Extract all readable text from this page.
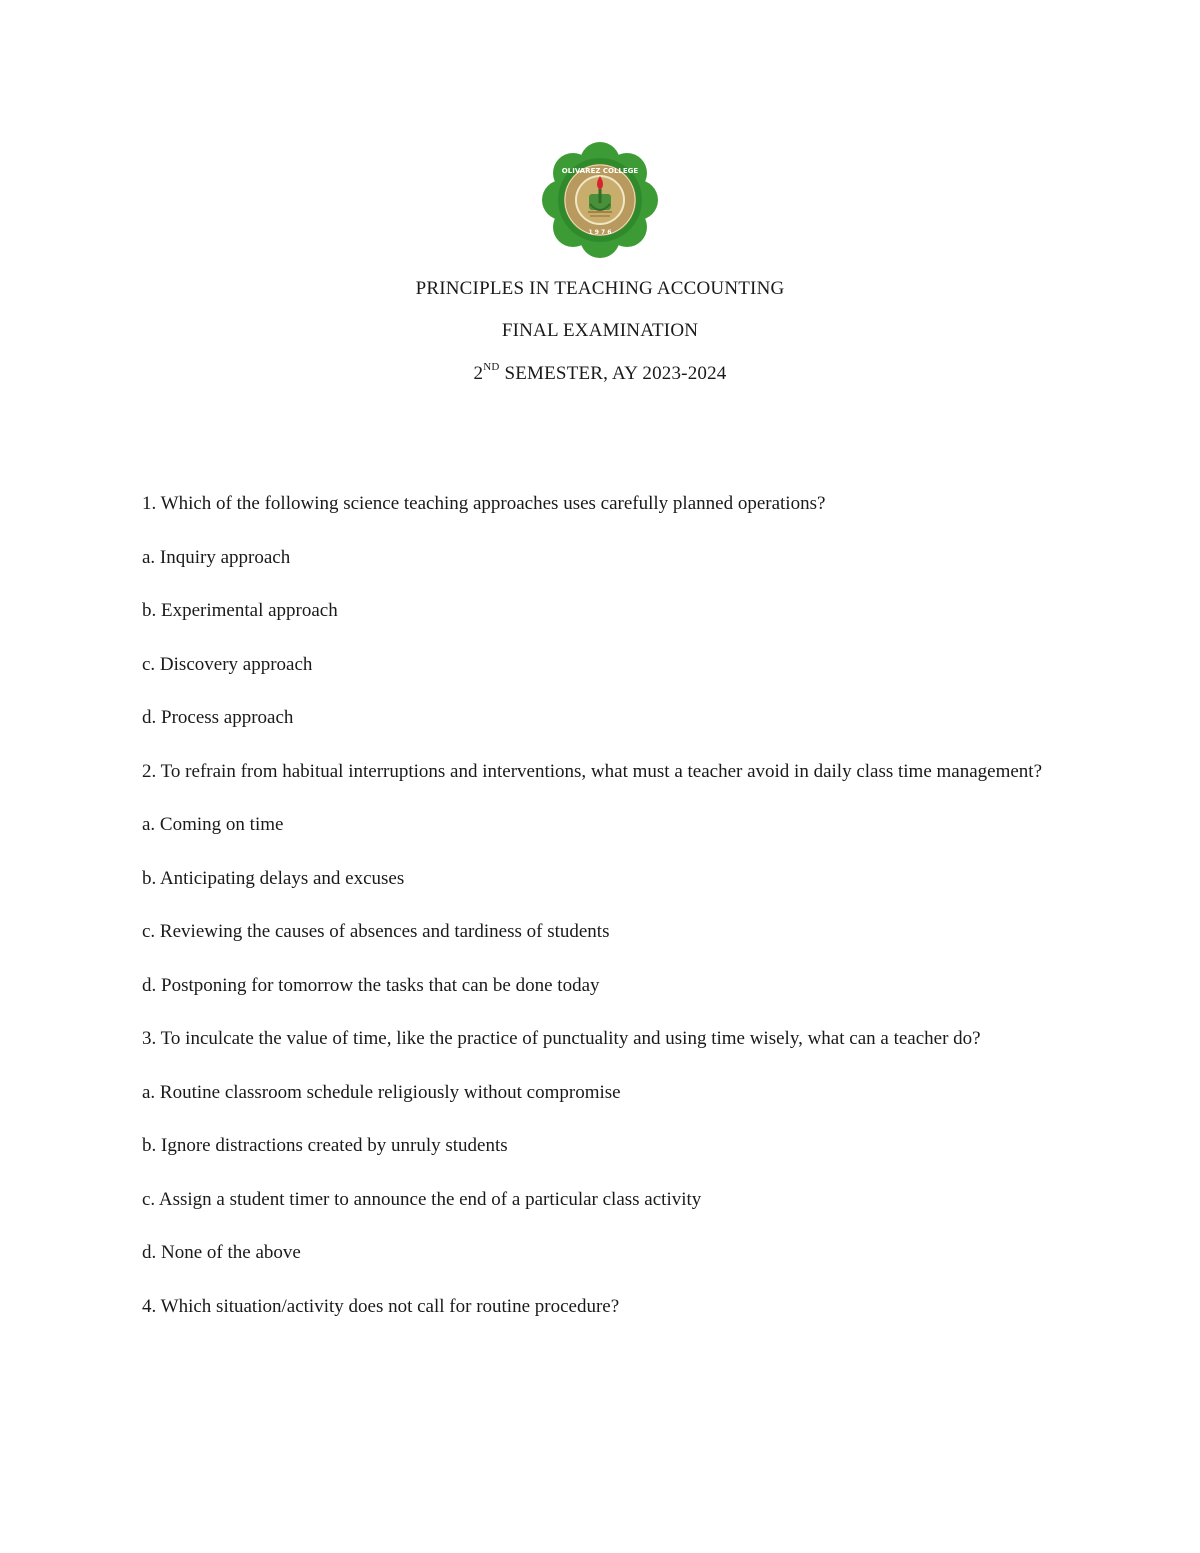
OLIVAREZ COLLEGE
1 9 7 6
PRINCIPLES IN TEACHING ACCOUNTING
FINAL EXAMINATION
2ND SEMESTER, AY 2023-2024
1. Which of the following science teaching approaches uses carefully planned operations?
a. Inquiry approach
b. Experimental approach
c. Discovery approach
d. Process approach
2. To refrain from habitual interruptions and interventions, what must a teacher avoid in daily class time management?
a. Coming on time
b. Anticipating delays and excuses
c. Reviewing the causes of absences and tardiness of students
d. Postponing for tomorrow the tasks that can be done today
3. To inculcate the value of time, like the practice of punctuality and using time wisely, what can a teacher do?
a. Routine classroom schedule religiously without compromise
b. Ignore distractions created by unruly students
c. Assign a student timer to announce the end of a particular class activity
d. None of the above
4. Which situation/activity does not call for routine procedure?
